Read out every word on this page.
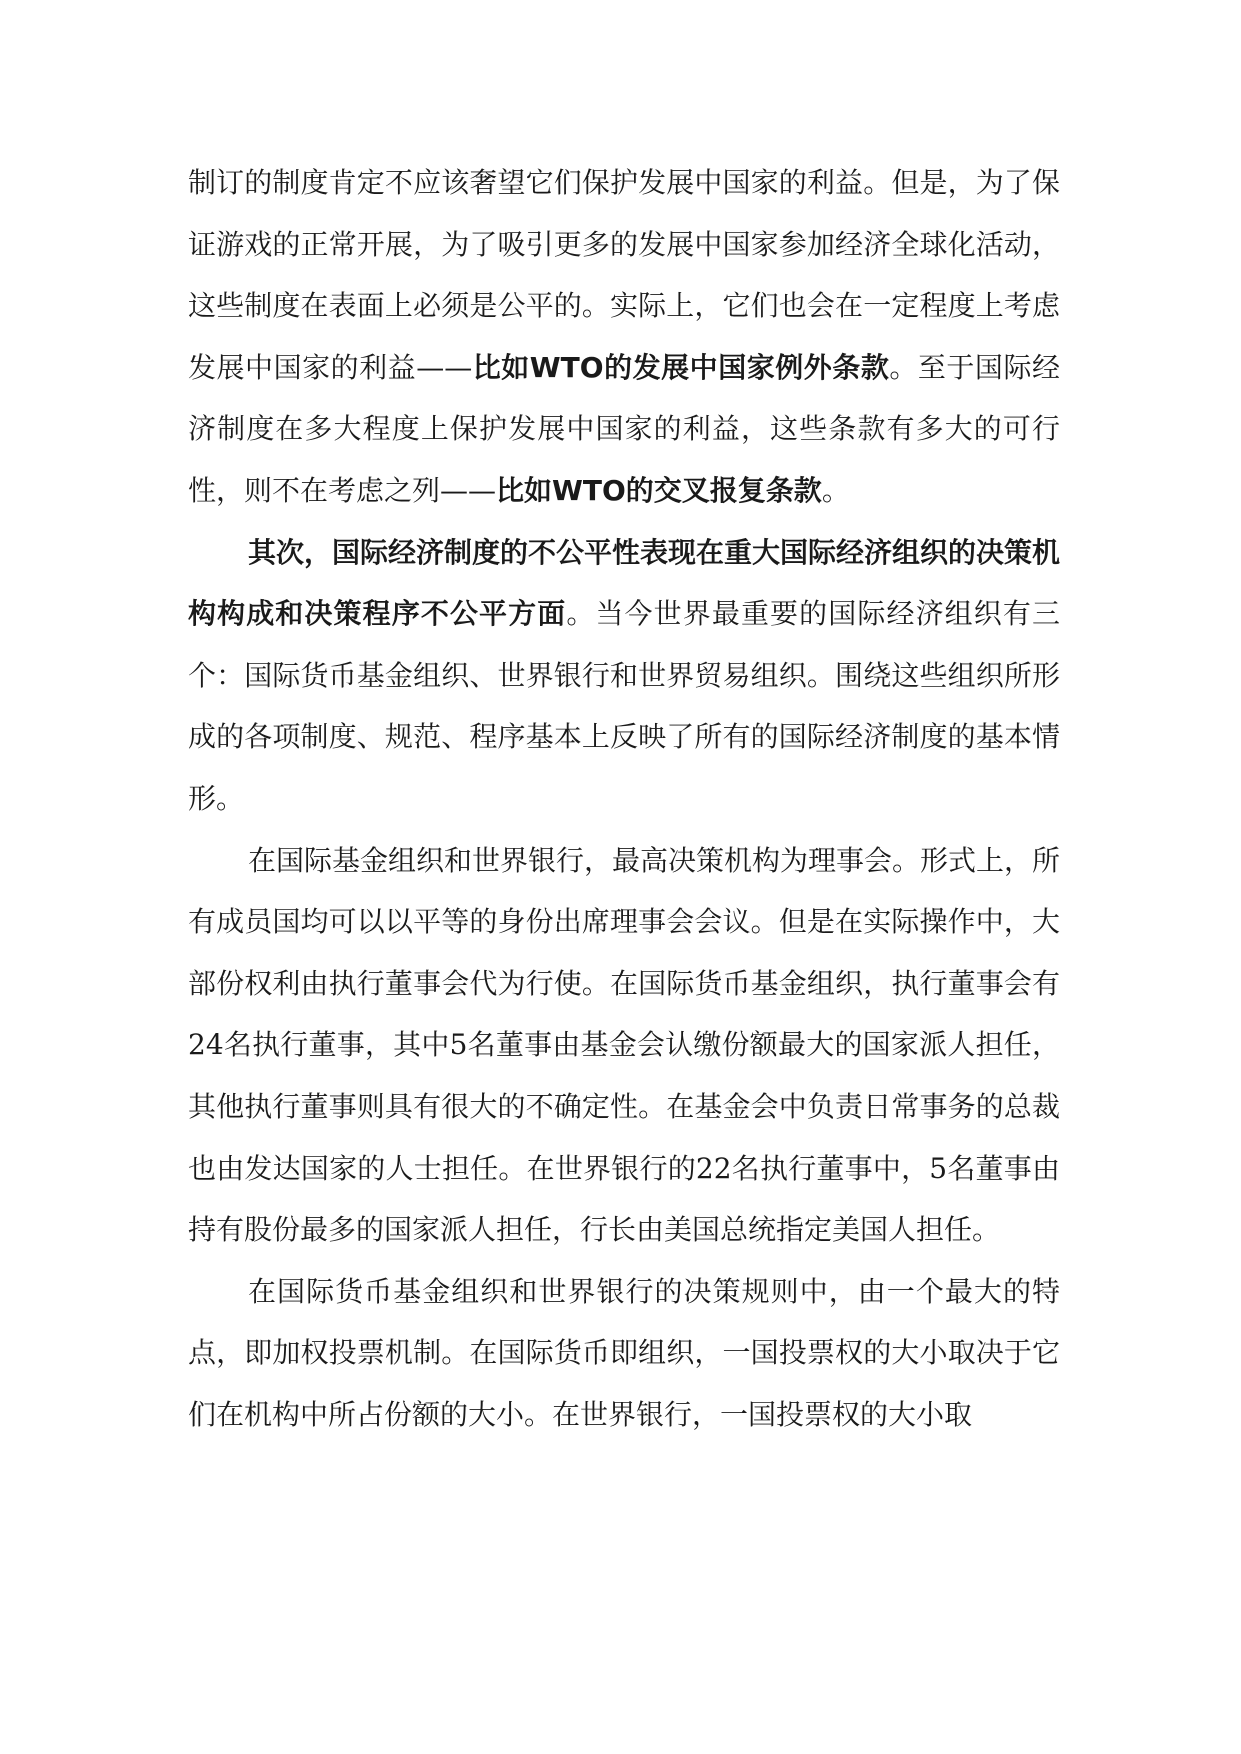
制订的制度肯定不应该奢望它们保护发展中国家的利益。但是，为了保证游戏的正常开展，为了吸引更多的发展中国家参加经济全球化活动，这些制度在表面上必须是公平的。实际上，它们也会在一定程度上考虑发展中国家的利益——比如WTO的发展中国家例外条款。至于国际经济制度在多大程度上保护发展中国家的利益，这些条款有多大的可行性，则不在考虑之列——比如WTO的交叉报复条款。

其次，国际经济制度的不公平性表现在重大国际经济组织的决策机构构成和决策程序不公平方面。当今世界最重要的国际经济组织有三个：国际货币基金组织、世界银行和世界贸易组织。围绕这些组织所形成的各项制度、规范、程序基本上反映了所有的国际经济制度的基本情形。

在国际基金组织和世界银行，最高决策机构为理事会。形式上，所有成员国均可以以平等的身份出席理事会会议。但是在实际操作中，大部份权利由执行董事会代为行使。在国际货币基金组织，执行董事会有24名执行董事，其中5名董事由基金会认缴份额最大的国家派人担任，其他执行董事则具有很大的不确定性。在基金会中负责日常事务的总裁也由发达国家的人士担任。在世界银行的22名执行董事中，5名董事由持有股份最多的国家派人担任，行长由美国总统指定美国人担任。

在国际货币基金组织和世界银行的决策规则中，由一个最大的特点，即加权投票机制。在国际货币即组织，一国投票权的大小取决于它们在机构中所占份额的大小。在世界银行，一国投票权的大小取
